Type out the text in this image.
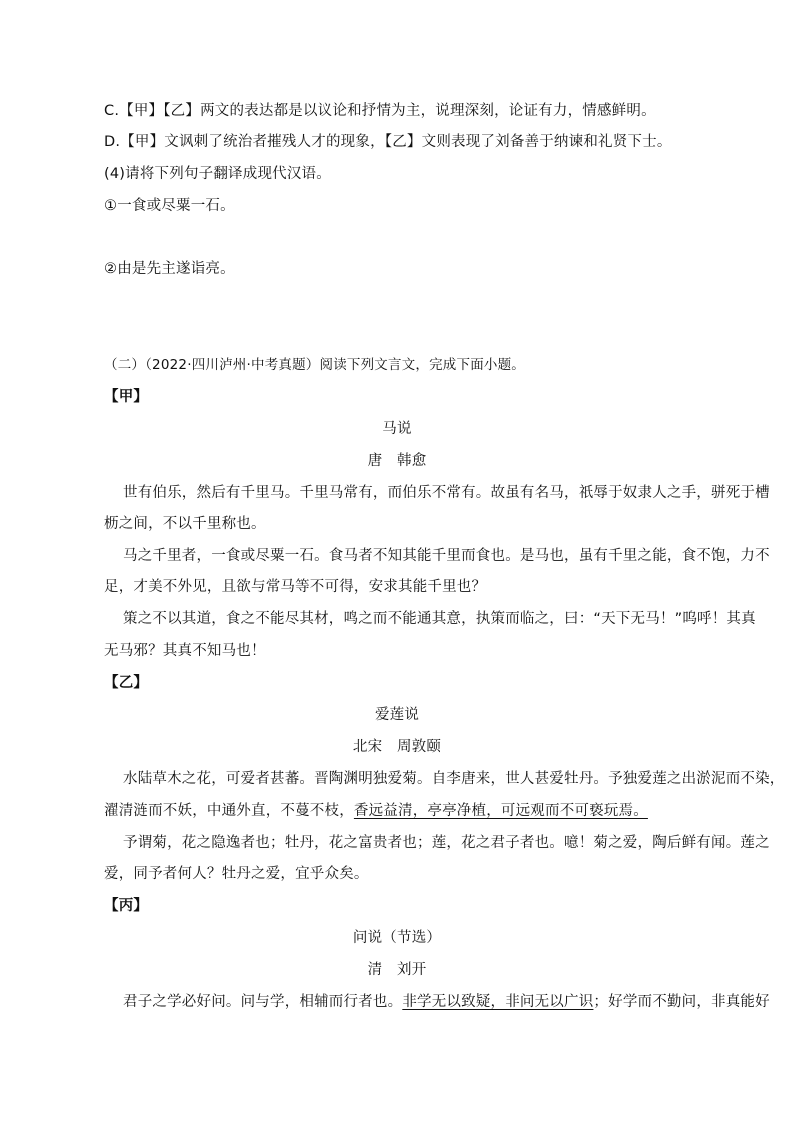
C.【甲】【乙】两文的表达都是以议论和抒情为主，说理深刻，论证有力，情感鲜明。
D.【甲】文讽刺了统治者摧残人才的现象，【乙】文则表现了刘备善于纳谏和礼贤下士。
(4)请将下列句子翻译成现代汉语。
①一食或尽粟一石。
②由是先主遂诣亮。
（二）（2022·四川泸州·中考真题）阅读下列文言文，完成下面小题。
【甲】
马说
唐　韩愈
世有伯乐，然后有千里马。千里马常有，而伯乐不常有。故虽有名马，祇辱于奴隶人之手，骈死于槽
枥之间，不以千里称也。
马之千里者，一食或尽粟一石。食马者不知其能千里而食也。是马也，虽有千里之能，食不饱，力不
足，才美不外见，且欲与常马等不可得，安求其能千里也？
策之不以其道，食之不能尽其材，鸣之而不能通其意，执策而临之，曰：“天下无马！”呜呼！其真
无马邪？其真不知马也！
【乙】
爱莲说
北宋　周敦颐
水陆草木之花，可爱者甚蕃。晋陶渊明独爱菊。自李唐来，世人甚爱牡丹。予独爱莲之出淤泥而不染，
濯清涟而不妖，中通外直，不蔓不枝，香远益清，亭亭净植，可远观而不可亵玩焉。
予谓菊，花之隐逸者也；牡丹，花之富贵者也；莲，花之君子者也。噫！菊之爱，陶后鲜有闻。莲之
爱，同予者何人？牡丹之爱，宜乎众矣。
【丙】
问说（节选）
清　刘开
君子之学必好问。问与学，相辅而行者也。非学无以致疑，非问无以广识；好学而不勤问，非真能好
